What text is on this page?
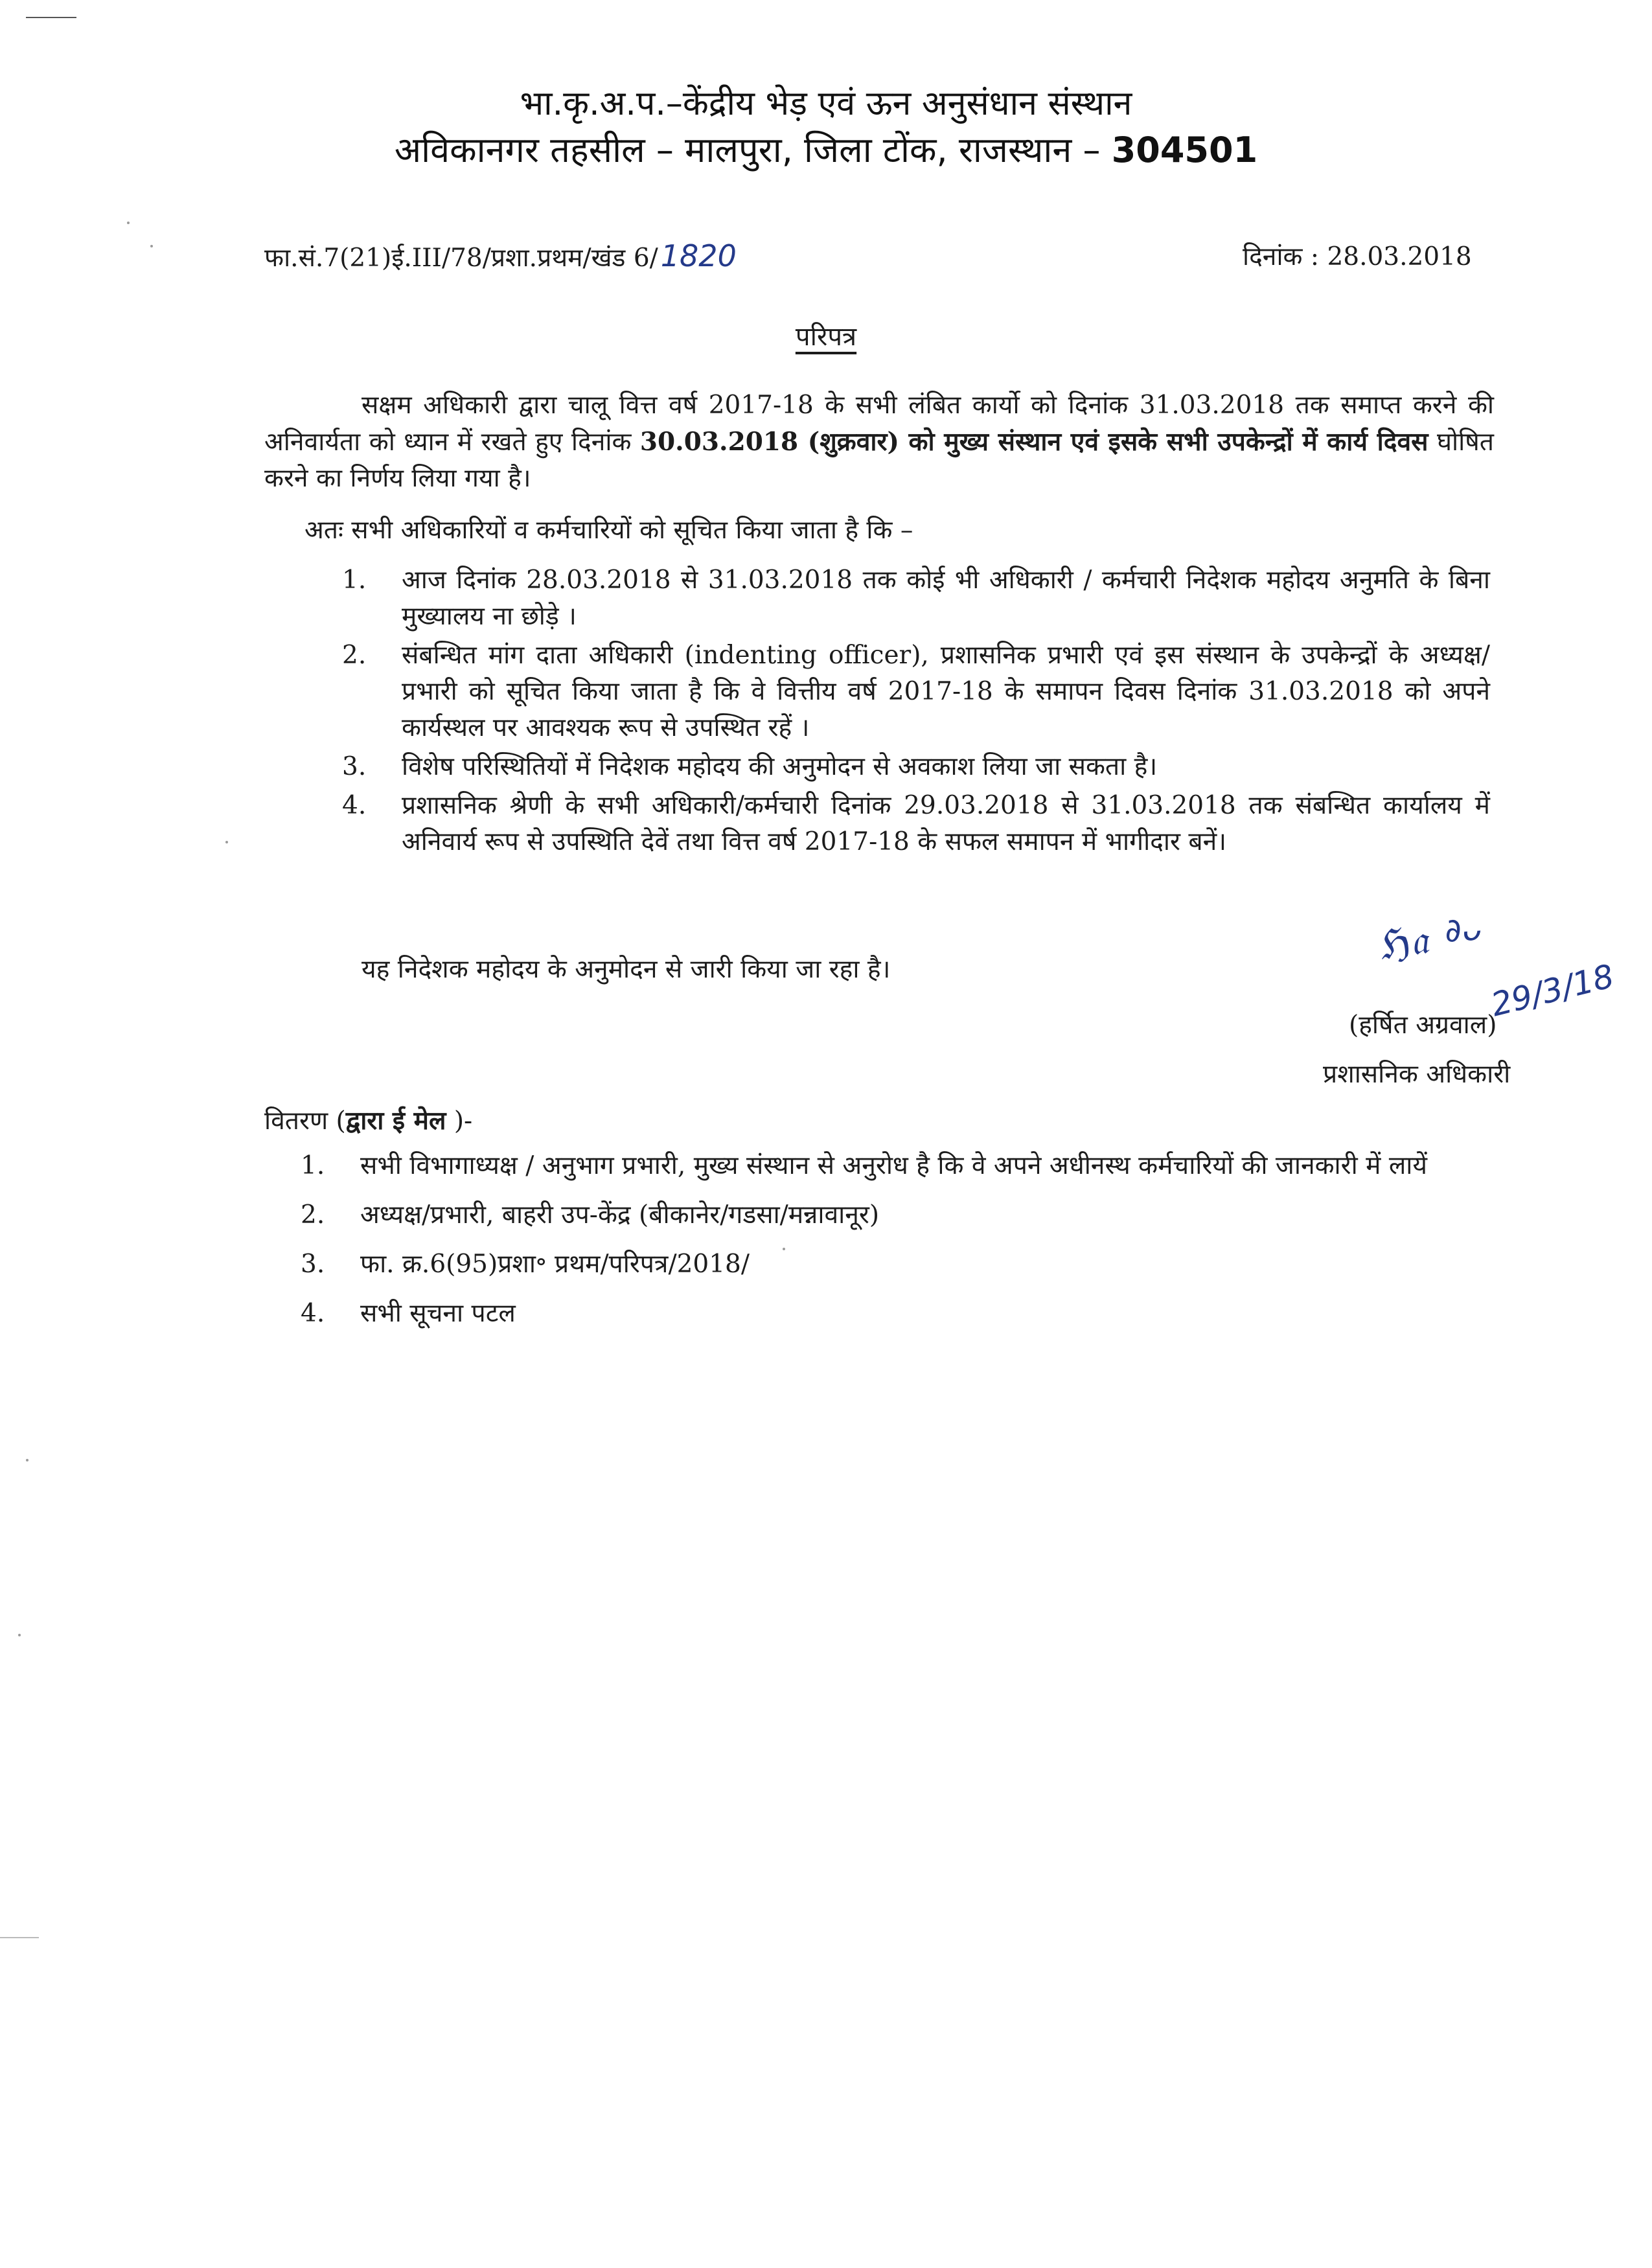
भा.कृ.अ.प.–केंद्रीय भेड़ एवं ऊन अनुसंधान संस्थान
अविकानगर तहसील – मालपुरा, जिला टोंक, राजस्थान – 304501
फा.सं.7(21)ई.III/78/प्रशा.प्रथम/खंड 6/1820	दिनांक : 28.03.2018
परिपत्र
सक्षम अधिकारी द्वारा चालू वित्त वर्ष 2017-18 के सभी लंबित कार्यो को दिनांक 31.03.2018 तक समाप्त करने की अनिवार्यता को ध्यान में रखते हुए दिनांक 30.03.2018 (शुक्रवार) को मुख्य संस्थान एवं इसके सभी उपकेन्द्रों में कार्य दिवस घोषित करने का निर्णय लिया गया है।
अतः सभी अधिकारियों व कर्मचारियों को सूचित किया जाता है कि –
1. आज दिनांक 28.03.2018 से 31.03.2018 तक कोई भी अधिकारी / कर्मचारी निदेशक महोदय अनुमति के बिना मुख्यालय ना छोड़े ।
2. संबन्धित मांग दाता अधिकारी (indenting officer), प्रशासनिक प्रभारी एवं इस संस्थान के उपकेन्द्रों के अध्यक्ष/प्रभारी को सूचित किया जाता है कि वे वित्तीय वर्ष 2017-18 के समापन दिवस दिनांक 31.03.2018 को अपने कार्यस्थल पर आवश्यक रूप से उपस्थित रहें ।
3. विशेष परिस्थितियों में निदेशक महोदय की अनुमोदन से अवकाश लिया जा सकता है।
4. प्रशासनिक श्रेणी के सभी अधिकारी/कर्मचारी दिनांक 29.03.2018 से 31.03.2018 तक संबन्धित कार्यालय में अनिवार्य रूप से उपस्थिति देवें तथा वित्त वर्ष 2017-18 के सफल समापन में भागीदार बनें।
यह निदेशक महोदय के अनुमोदन से जारी किया जा रहा है।
ℌ𝔞 ∂ᴗ
29/3/18
(हर्षित अग्रवाल)
प्रशासनिक अधिकारी
वितरण (द्वारा ई मेल )-
1. सभी विभागाध्यक्ष / अनुभाग प्रभारी, मुख्य संस्थान से अनुरोध है कि वे अपने अधीनस्थ कर्मचारियों की जानकारी में लायें
2. अध्यक्ष/प्रभारी, बाहरी उप-केंद्र (बीकानेर/गडसा/मन्नावानूर)
3. फा. क्र.6(95)प्रशा॰ प्रथम/परिपत्र/2018/
4. सभी सूचना पटल
